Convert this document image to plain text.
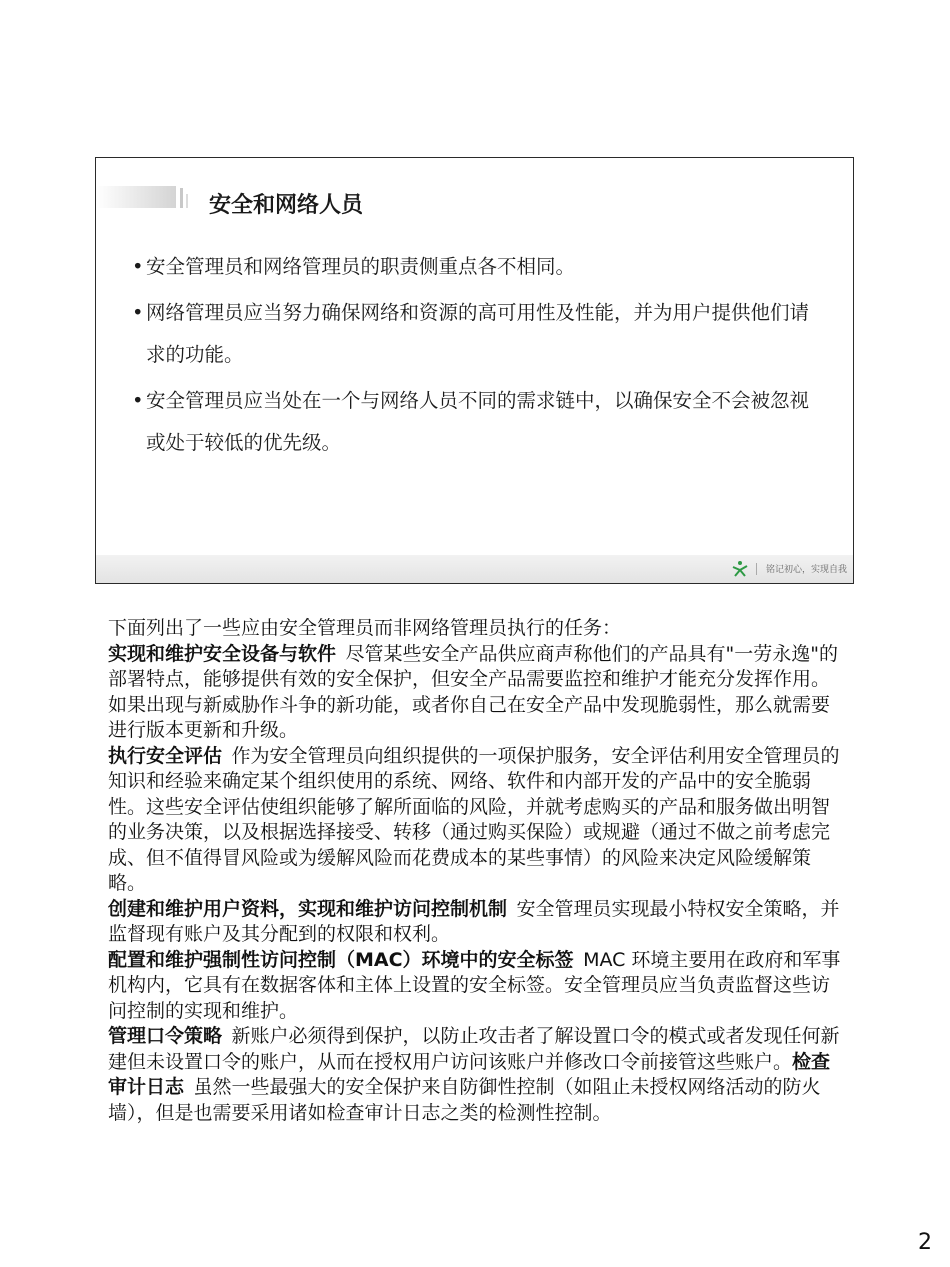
安全和网络人员
• 安全管理员和网络管理员的职责侧重点各不相同。
• 网络管理员应当努力确保网络和资源的高可用性及性能，并为用户提供他们请求的功能。
• 安全管理员应当处在一个与网络人员不同的需求链中，以确保安全不会被忽视或处于较低的优先级。
铭记初心，实现自我

下面列出了一些应由安全管理员而非网络管理员执行的任务：

实现和维护安全设备与软件  尽管某些安全产品供应商声称他们的产品具有"一劳永逸"的部署特点，能够提供有效的安全保护，但安全产品需要监控和维护才能充分发挥作用。如果出现与新威胁作斗争的新功能，或者你自己在安全产品中发现脆弱性，那么就需要进行版本更新和升级。

执行安全评估  作为安全管理员向组织提供的一项保护服务，安全评估利用安全管理员的知识和经验来确定某个组织使用的系统、网络、软件和内部开发的产品中的安全脆弱性。这些安全评估使组织能够了解所面临的风险，并就考虑购买的产品和服务做出明智的业务决策，以及根据选择接受、转移（通过购买保险）或规避（通过不做之前考虑完成、但不值得冒风险或为缓解风险而花费成本的某些事情）的风险来决定风险缓解策略。

创建和维护用户资料，实现和维护访问控制机制  安全管理员实现最小特权安全策略，并监督现有账户及其分配到的权限和权利。

配置和维护强制性访问控制（MAC）环境中的安全标签  MAC 环境主要用在政府和军事机构内，它具有在数据客体和主体上设置的安全标签。安全管理员应当负责监督这些访问控制的实现和维护。

管理口令策略  新账户必须得到保护，以防止攻击者了解设置口令的模式或者发现任何新建但未设置口令的账户，从而在授权用户访问该账户并修改口令前接管这些账户。检查审计日志  虽然一些最强大的安全保护来自防御性控制（如阻止未授权网络活动的防火墙），但是也需要采用诸如检查审计日志之类的检测性控制。

2
